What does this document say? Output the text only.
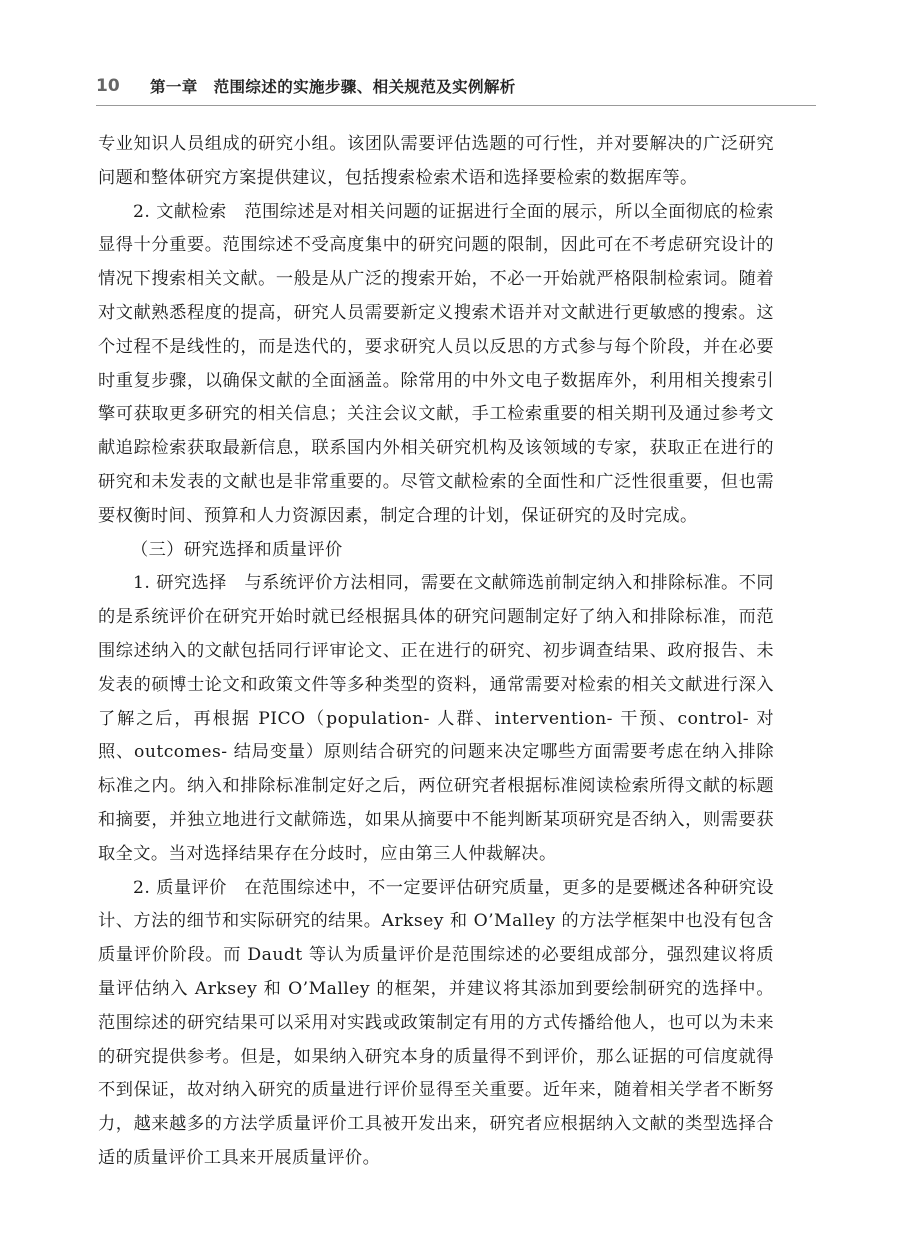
10	第一章　范围综述的实施步骤、相关规范及实例解析

专业知识人员组成的研究小组。该团队需要评估选题的可行性，并对要解决的广泛研究问题和整体研究方案提供建议，包括搜索检索术语和选择要检索的数据库等。

2. 文献检索　范围综述是对相关问题的证据进行全面的展示，所以全面彻底的检索显得十分重要。范围综述不受高度集中的研究问题的限制，因此可在不考虑研究设计的情况下搜索相关文献。一般是从广泛的搜索开始，不必一开始就严格限制检索词。随着对文献熟悉程度的提高，研究人员需要新定义搜索术语并对文献进行更敏感的搜索。这个过程不是线性的，而是迭代的，要求研究人员以反思的方式参与每个阶段，并在必要时重复步骤，以确保文献的全面涵盖。除常用的中外文电子数据库外，利用相关搜索引擎可获取更多研究的相关信息；关注会议文献，手工检索重要的相关期刊及通过参考文献追踪检索获取最新信息，联系国内外相关研究机构及该领域的专家，获取正在进行的研究和未发表的文献也是非常重要的。尽管文献检索的全面性和广泛性很重要，但也需要权衡时间、预算和人力资源因素，制定合理的计划，保证研究的及时完成。

（三）研究选择和质量评价

1. 研究选择　与系统评价方法相同，需要在文献筛选前制定纳入和排除标准。不同的是系统评价在研究开始时就已经根据具体的研究问题制定好了纳入和排除标准，而范围综述纳入的文献包括同行评审论文、正在进行的研究、初步调查结果、政府报告、未发表的硕博士论文和政策文件等多种类型的资料，通常需要对检索的相关文献进行深入了解之后，再根据 PICO（population- 人群、intervention- 干预、control- 对照、outcomes- 结局变量）原则结合研究的问题来决定哪些方面需要考虑在纳入排除标准之内。纳入和排除标准制定好之后，两位研究者根据标准阅读检索所得文献的标题和摘要，并独立地进行文献筛选，如果从摘要中不能判断某项研究是否纳入，则需要获取全文。当对选择结果存在分歧时，应由第三人仲裁解决。

2. 质量评价　在范围综述中，不一定要评估研究质量，更多的是要概述各种研究设计、方法的细节和实际研究的结果。Arksey 和 O’Malley 的方法学框架中也没有包含质量评价阶段。而 Daudt 等认为质量评价是范围综述的必要组成部分，强烈建议将质量评估纳入 Arksey 和 O’Malley 的框架，并建议将其添加到要绘制研究的选择中。范围综述的研究结果可以采用对实践或政策制定有用的方式传播给他人，也可以为未来的研究提供参考。但是，如果纳入研究本身的质量得不到评价，那么证据的可信度就得不到保证，故对纳入研究的质量进行评价显得至关重要。近年来，随着相关学者不断努力，越来越多的方法学质量评价工具被开发出来，研究者应根据纳入文献的类型选择合适的质量评价工具来开展质量评价。
